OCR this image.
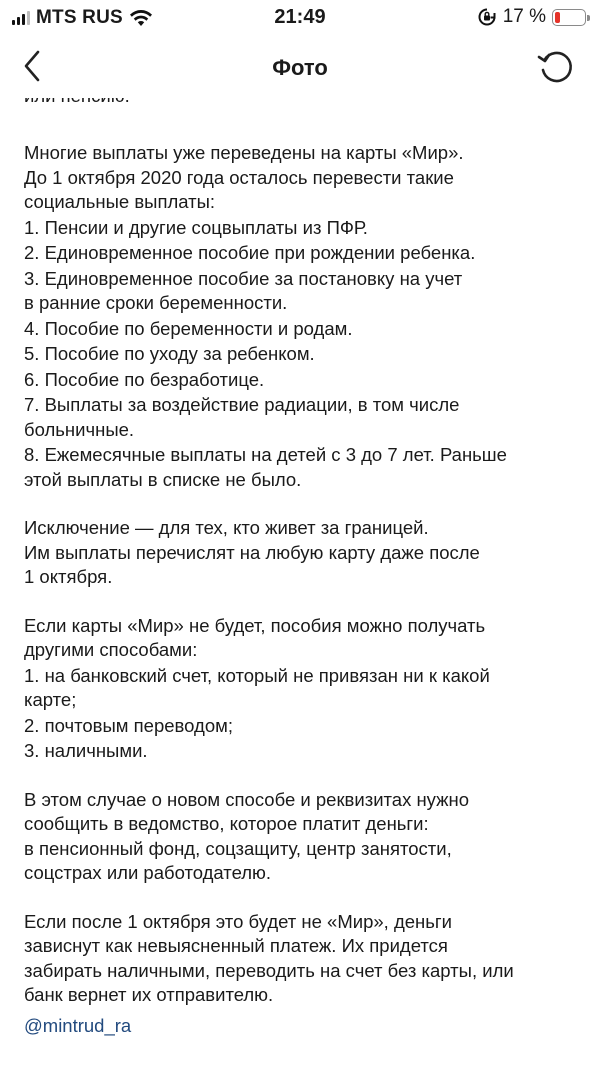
MTS RUS	21:49	17 %
Фото
Многие выплаты уже переведены на карты «Мир».
До 1 октября 2020 года осталось перевести такие
социальные выплаты:
1. Пенсии и другие соцвыплаты из ПФР.
2. Единовременное пособие при рождении ребенка.
3. Единовременное пособие за постановку на учет
в ранние сроки беременности.
4. Пособие по беременности и родам.
5. Пособие по уходу за ребенком.
6. Пособие по безработице.
7. Выплаты за воздействие радиации, в том числе
больничные.
8. Ежемесячные выплаты на детей с 3 до 7 лет. Раньше
этой выплаты в списке не было.
Исключение — для тех, кто живет за границей.
Им выплаты перечислят на любую карту даже после
1 октября.
Если карты «Мир» не будет, пособия можно получать
другими способами:
1. на банковский счет, который не привязан ни к какой
карте;
2. почтовым переводом;
3. наличными.
В этом случае о новом способе и реквизитах нужно
сообщить в ведомство, которое платит деньги:
в пенсионный фонд, соцзащиту, центр занятости,
соцстрах или работодателю.
Если после 1 октября это будет не «Мир», деньги
зависнут как невыясненный платеж. Их придется
забирать наличными, переводить на счет без карты, или
банк вернет их отправителю.
@mintrud_ra
